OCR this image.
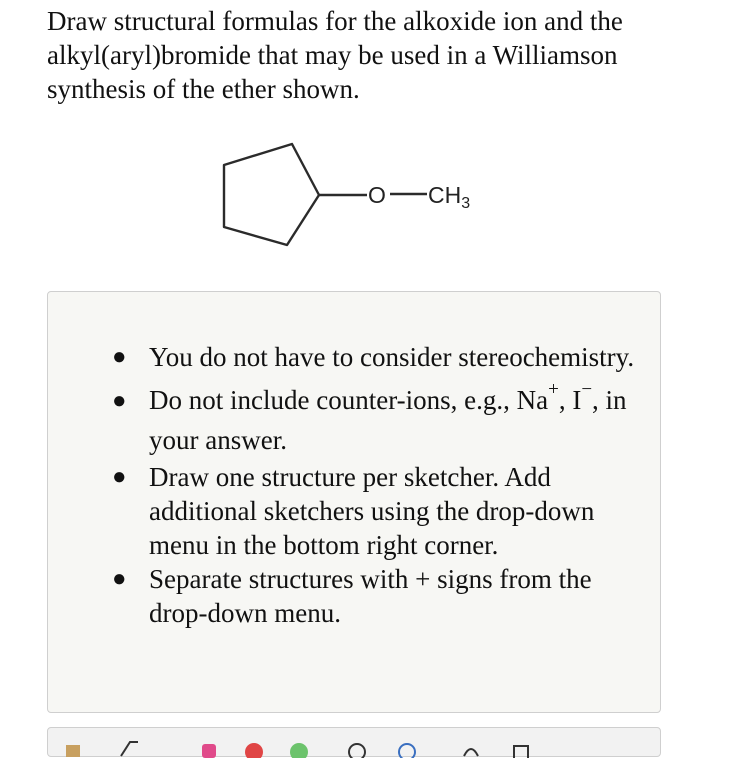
Draw structural formulas for the alkoxide ion and the alkyl(aryl)bromide that may be used in a Williamson synthesis of the ether shown.
O $CH_3$
● You do not have to consider stereochemistry.
● Do not include counter-ions, e.g., Na+, I−, in your answer.
● Draw one structure per sketcher. Add additional sketchers using the drop-down menu in the bottom right corner.
● Separate structures with + signs from the drop-down menu.
